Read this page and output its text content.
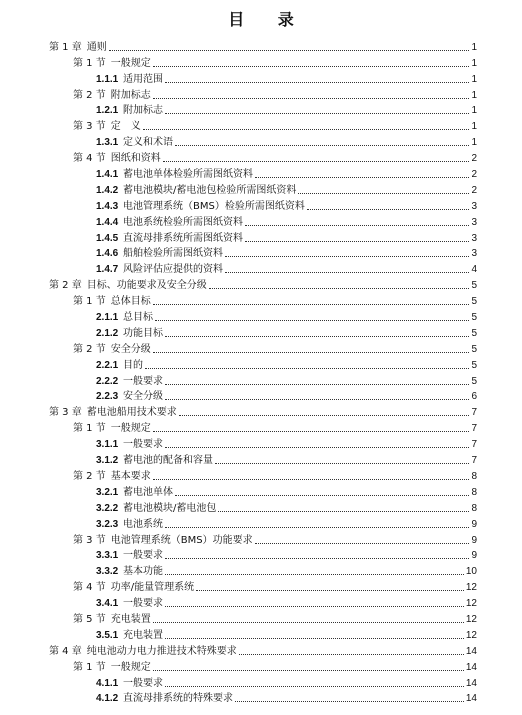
目 录
第 1 章 通则	1
第 1 节 一般规定	1
1.1.1 适用范围	1
第 2 节 附加标志	1
1.2.1 附加标志	1
第 3 节 定　义	1
1.3.1 定义和术语	1
第 4 节 图纸和资料	2
1.4.1 蓄电池单体检验所需图纸资料	2
1.4.2 蓄电池模块/蓄电池包检验所需图纸资料	2
1.4.3 电池管理系统（BMS）检验所需图纸资料	3
1.4.4 电池系统检验所需图纸资料	3
1.4.5 直流母排系统所需图纸资料	3
1.4.6 船舶检验所需图纸资料	3
1.4.7 风险评估应提供的资料	4
第 2 章 目标、功能要求及安全分级	5
第 1 节 总体目标	5
2.1.1 总目标	5
2.1.2 功能目标	5
第 2 节 安全分级	5
2.2.1 目的	5
2.2.2 一般要求	5
2.2.3 安全分级	6
第 3 章 蓄电池船用技术要求	7
第 1 节 一般规定	7
3.1.1 一般要求	7
3.1.2 蓄电池的配备和容量	7
第 2 节 基本要求	8
3.2.1 蓄电池单体	8
3.2.2 蓄电池模块/蓄电池包	8
3.2.3 电池系统	9
第 3 节 电池管理系统（BMS）功能要求	9
3.3.1 一般要求	9
3.3.2 基本功能	10
第 4 节 功率/能量管理系统	12
3.4.1 一般要求	12
第 5 节 充电装置	12
3.5.1 充电装置	12
第 4 章 纯电池动力电力推进技术特殊要求	14
第 1 节 一般规定	14
4.1.1 一般要求	14
4.1.2 直流母排系统的特殊要求	14
